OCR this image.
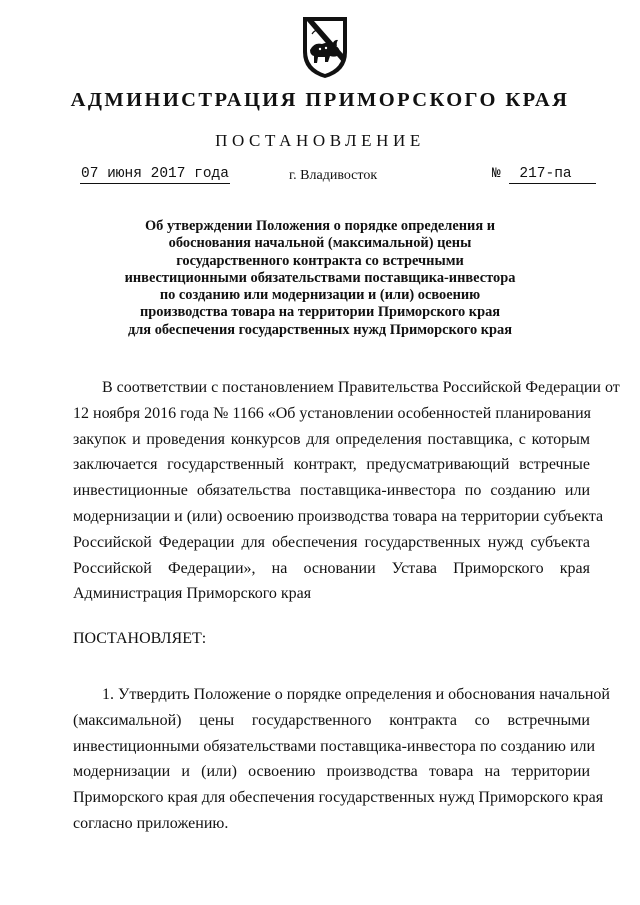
АДМИНИСТРАЦИЯ ПРИМОРСКОГО КРАЯ
ПОСТАНОВЛЕНИЕ
07 июня 2017 года	г. Владивосток	№ 217-па
Об утверждении Положения о порядке определения и
обоснования начальной (максимальной) цены
государственного контракта со встречными
инвестиционными обязательствами поставщика-инвестора
по созданию или модернизации и (или) освоению
производства товара на территории Приморского края
для обеспечения государственных нужд Приморского края
В соответствии с постановлением Правительства Российской Федерации от
12 ноября 2016 года № 1166 «Об установлении особенностей планирования
закупок и проведения конкурсов для определения поставщика, с которым
заключается государственный контракт, предусматривающий встречные
инвестиционные обязательства поставщика-инвестора по созданию или
модернизации и (или) освоению производства товара на территории субъекта
Российской Федерации для обеспечения государственных нужд субъекта
Российской Федерации», на основании Устава Приморского края
Администрация Приморского края
ПОСТАНОВЛЯЕТ:
1. Утвердить Положение о порядке определения и обоснования начальной
(максимальной) цены государственного контракта со встречными
инвестиционными обязательствами поставщика-инвестора по созданию или
модернизации и (или) освоению производства товара на территории
Приморского края для обеспечения государственных нужд Приморского края
согласно приложению.
